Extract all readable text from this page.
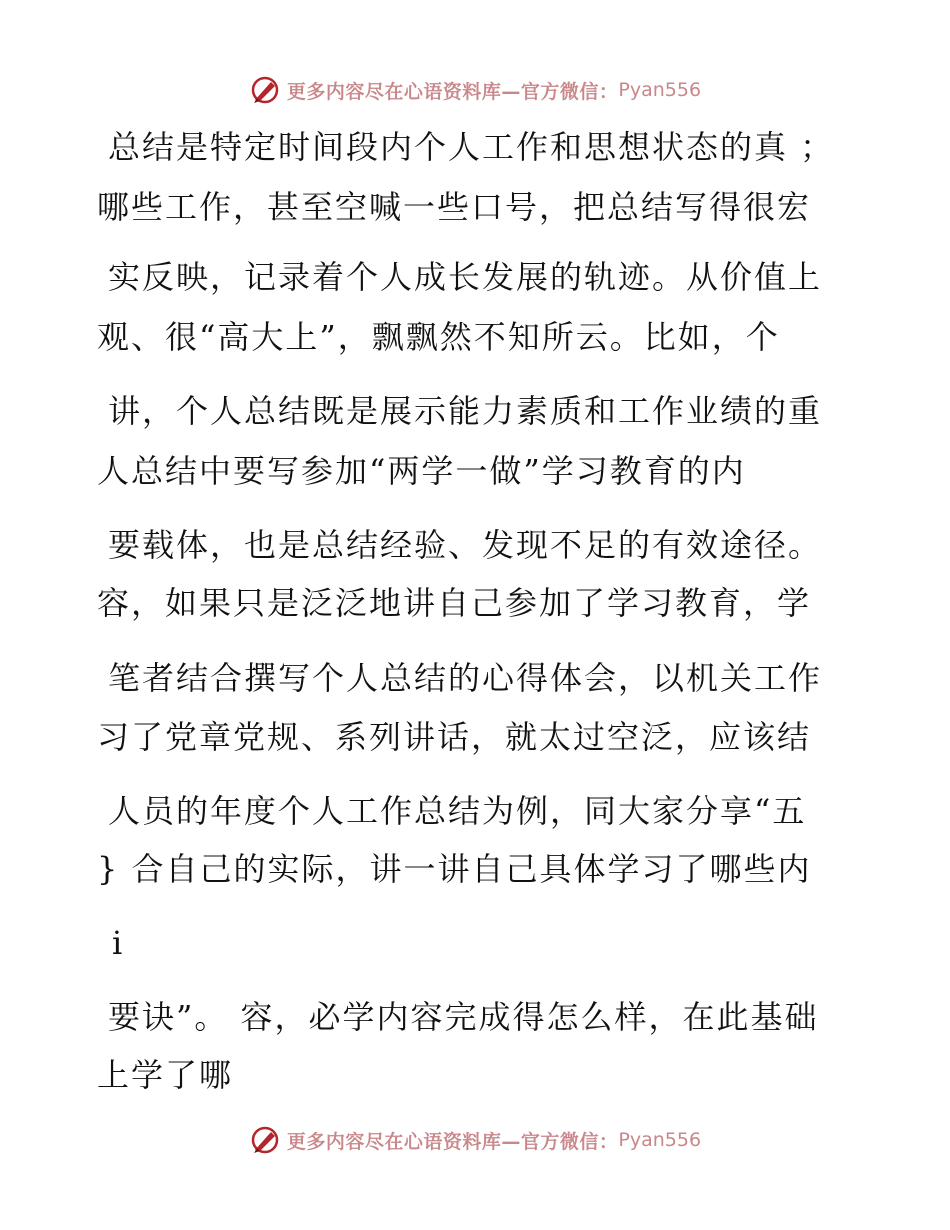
更多内容尽在心语资料库—官方微信： Pyan556
总结是特定时间段内个人工作和思想状态的真 ；
哪些工作，甚至空喊一些口号，把总结写得很宏
实反映，记录着个人成长发展的轨迹。从价值上
观、很“高大上”，飘飘然不知所云。比如，个
讲，个人总结既是展示能力素质和工作业绩的重
人总结中要写参加“两学一做”学习教育的内
要载体，也是总结经验、发现不足的有效途径。
容，如果只是泛泛地讲自己参加了学习教育，学
笔者结合撰写个人总结的心得体会，以机关工作
习了党章党规、系列讲话，就太过空泛，应该结
人员的年度个人工作总结为例，同大家分享“五
} 合自己的实际，讲一讲自己具体学习了哪些内
i
要诀”。 容，必学内容完成得怎么样，在此基础
上学了哪
更多内容尽在心语资料库—官方微信： Pyan556
